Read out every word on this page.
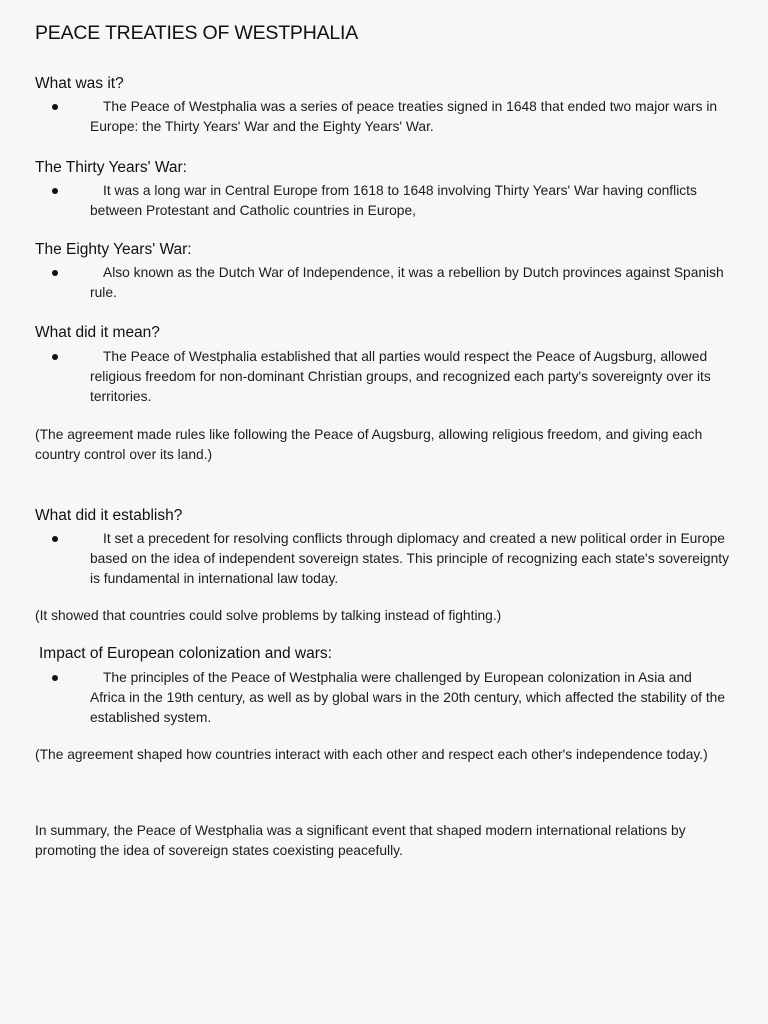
PEACE TREATIES OF WESTPHALIA
What was it?

The Peace of Westphalia was a series of peace treaties signed in 1648 that ended two major wars in Europe: the Thirty Years' War and the Eighty Years' War.

The Thirty Years' War:

It was a long war in Central Europe from 1618 to 1648 involving Thirty Years' War having conflicts between Protestant and Catholic countries in Europe,

The Eighty Years' War:

Also known as the Dutch War of Independence, it was a rebellion by Dutch provinces against Spanish rule.

What did it mean?

The Peace of Westphalia established that all parties would respect the Peace of Augsburg, allowed religious freedom for non-dominant Christian groups, and recognized each party's sovereignty over its territories.

(The agreement made rules like following the Peace of Augsburg, allowing religious freedom, and giving each country control over its land.)

What did it establish?

It set a precedent for resolving conflicts through diplomacy and created a new political order in Europe based on the idea of independent sovereign states. This principle of recognizing each state's sovereignty is fundamental in international law today.

(It showed that countries could solve problems by talking instead of fighting.)

Impact of European colonization and wars:

The principles of the Peace of Westphalia were challenged by European colonization in Asia and Africa in the 19th century, as well as by global wars in the 20th century, which affected the stability of the established system.

(The agreement shaped how countries interact with each other and respect each other's independence today.)

In summary, the Peace of Westphalia was a significant event that shaped modern international relations by promoting the idea of sovereign states coexisting peacefully.
